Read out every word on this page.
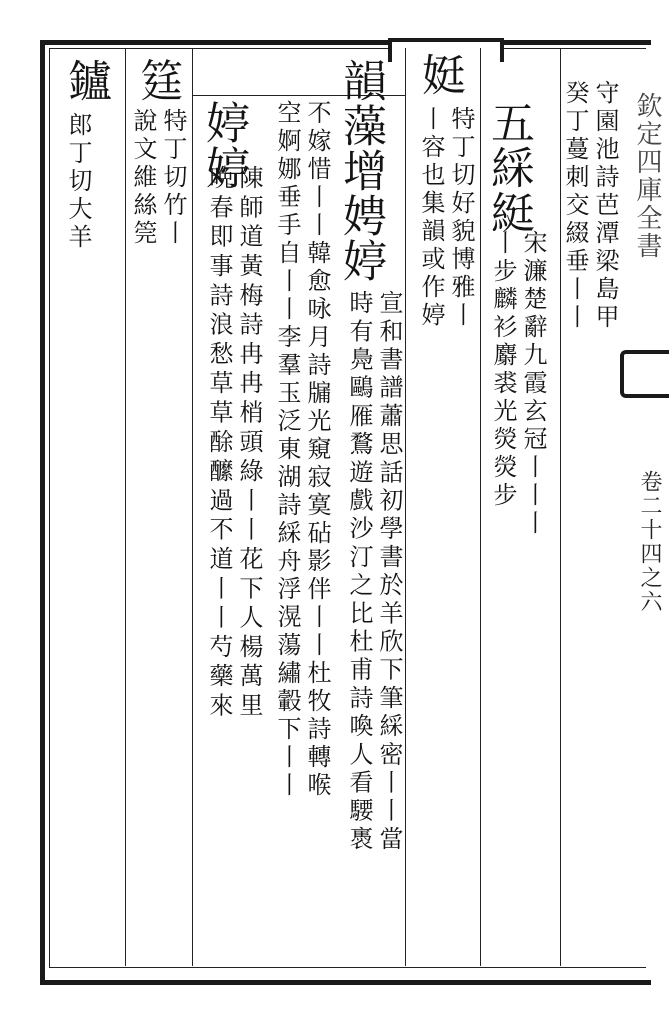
鑪
郎丁切大羊
筳
特丁切竹丨
說文維絲筦 婷婷
陳師道黃梅詩冉冉梢頭綠丨丨花下人楊萬里
晩春即事詩浪愁草草酴醿過不道丨丨芍藥來	不嫁惜丨丨韓愈咏月詩牖光窺寂寞砧影伴丨丨杜牧詩轉喉
空婀娜垂手自丨丨李羣玉泛東湖詩綵舟浮滉蕩繡轂下丨丨 韻藻增娉婷
宣和書譜蕭思話初學書於羊欣下筆綵密丨丨當
時有鳧鷗雁鶩遊戲沙汀之比杜甫詩喚人看騕褭
娗
特丁切好貌博雅丨
丨容也集韻或作婷 五綵綎
宋濂楚辭九霞玄冠丨丨丨
丨步麟衫麝裘光熒熒步
守園池詩芭潭梁島甲
癸丁蔓刺交綴垂丨丨 欽定四庫全書
卷二十四之六
